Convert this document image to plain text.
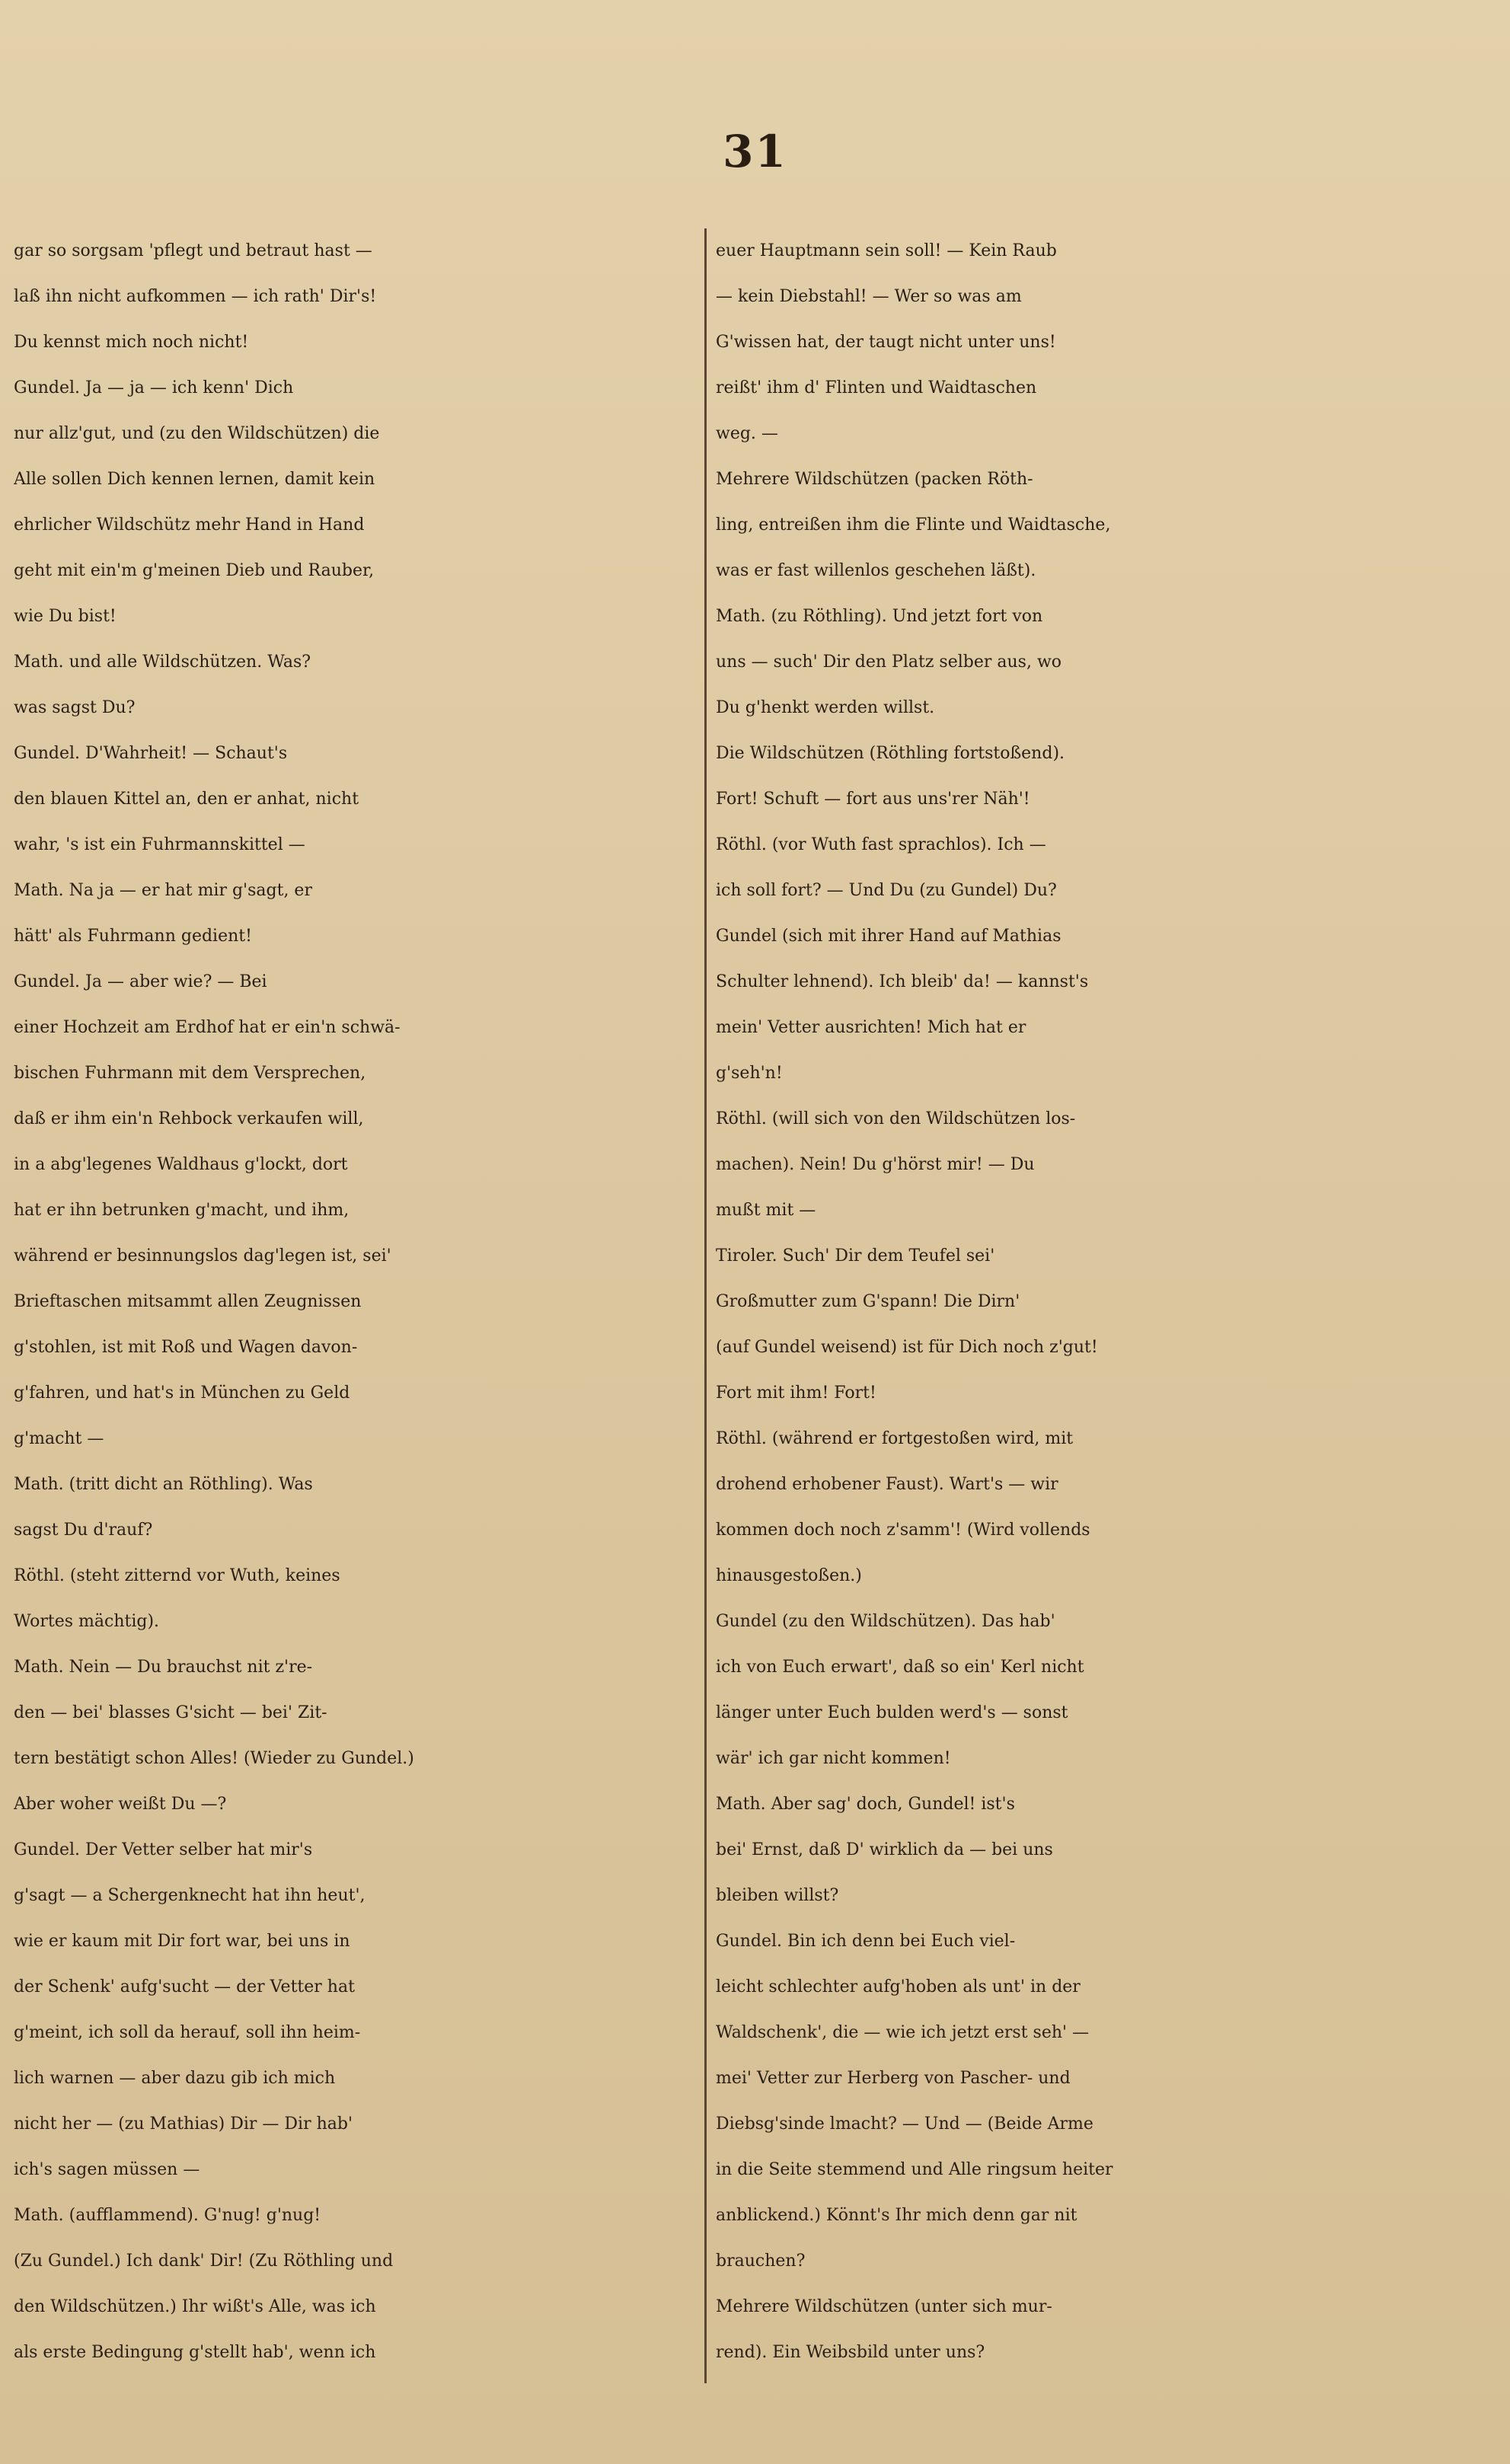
31
gar so sorgsam 'pflegt und betraut hast —
laß ihn nicht aufkommen — ich rath' Dir's!
Du kennst mich noch nicht!
Gundel. Ja — ja — ich kenn' Dich
nur allz'gut, und (zu den Wildschützen) die
Alle sollen Dich kennen lernen, damit kein
ehrlicher Wildschütz mehr Hand in Hand
geht mit ein'm g'meinen Dieb und Rauber,
wie Du bist!
Math. und alle Wildschützen. Was?
was sagst Du?
Gundel. D'Wahrheit! — Schaut's
den blauen Kittel an, den er anhat, nicht
wahr, 's ist ein Fuhrmannskittel —
Math. Na ja — er hat mir g'sagt, er
hätt' als Fuhrmann gedient!
Gundel. Ja — aber wie? — Bei
einer Hochzeit am Erdhof hat er ein'n schwä-
bischen Fuhrmann mit dem Versprechen,
daß er ihm ein'n Rehbock verkaufen will,
in a abg'legenes Waldhaus g'lockt, dort
hat er ihn betrunken g'macht, und ihm,
während er besinnungslos dag'legen ist, sei'
Brieftaschen mitsammt allen Zeugnissen
g'stohlen, ist mit Roß und Wagen davon-
g'fahren, und hat's in München zu Geld
g'macht —
Math. (tritt dicht an Röthling). Was
sagst Du d'rauf?
Röthl. (steht zitternd vor Wuth, keines
Wortes mächtig).
Math. Nein — Du brauchst nit z're-
den — bei' blasses G'sicht — bei' Zit-
tern bestätigt schon Alles! (Wieder zu Gundel.)
Aber woher weißt Du —?
Gundel. Der Vetter selber hat mir's
g'sagt — a Schergenknecht hat ihn heut',
wie er kaum mit Dir fort war, bei uns in
der Schenk' aufg'sucht — der Vetter hat
g'meint, ich soll da herauf, soll ihn heim-
lich warnen — aber dazu gib ich mich
nicht her — (zu Mathias) Dir — Dir hab'
ich's sagen müssen —
Math. (aufflammend). G'nug! g'nug!
(Zu Gundel.) Ich dank' Dir! (Zu Röthling und
den Wildschützen.) Ihr wißt's Alle, was ich
als erste Bedingung g'stellt hab', wenn ich
euer Hauptmann sein soll! — Kein Raub
— kein Diebstahl! — Wer so was am
G'wissen hat, der taugt nicht unter uns!
reißt' ihm d' Flinten und Waidtaschen
weg. —
Mehrere Wildschützen (packen Röth-
ling, entreißen ihm die Flinte und Waidtasche,
was er fast willenlos geschehen läßt).
Math. (zu Röthling). Und jetzt fort von
uns — such' Dir den Platz selber aus, wo
Du g'henkt werden willst.
Die Wildschützen (Röthling fortstoßend).
Fort! Schuft — fort aus uns'rer Näh'!
Röthl. (vor Wuth fast sprachlos). Ich —
ich soll fort? — Und Du (zu Gundel) Du?
Gundel (sich mit ihrer Hand auf Mathias
Schulter lehnend). Ich bleib' da! — kannst's
mein' Vetter ausrichten! Mich hat er
g'seh'n!
Röthl. (will sich von den Wildschützen los-
machen). Nein! Du g'hörst mir! — Du
mußt mit —
Tiroler. Such' Dir dem Teufel sei'
Großmutter zum G'spann! Die Dirn'
(auf Gundel weisend) ist für Dich noch z'gut!
Fort mit ihm! Fort!
Röthl. (während er fortgestoßen wird, mit
drohend erhobener Faust). Wart's — wir
kommen doch noch z'samm'! (Wird vollends
hinausgestoßen.)
Gundel (zu den Wildschützen). Das hab'
ich von Euch erwart', daß so ein' Kerl nicht
länger unter Euch bulden werd's — sonst
wär' ich gar nicht kommen!
Math. Aber sag' doch, Gundel! ist's
bei' Ernst, daß D' wirklich da — bei uns
bleiben willst?
Gundel. Bin ich denn bei Euch viel-
leicht schlechter aufg'hoben als unt' in der
Waldschenk', die — wie ich jetzt erst seh' —
mei' Vetter zur Herberg von Pascher- und
Diebsg'sinde lmacht? — Und — (Beide Arme
in die Seite stemmend und Alle ringsum heiter
anblickend.) Könnt's Ihr mich denn gar nit
brauchen?
Mehrere Wildschützen (unter sich mur-
rend). Ein Weibsbild unter uns?
